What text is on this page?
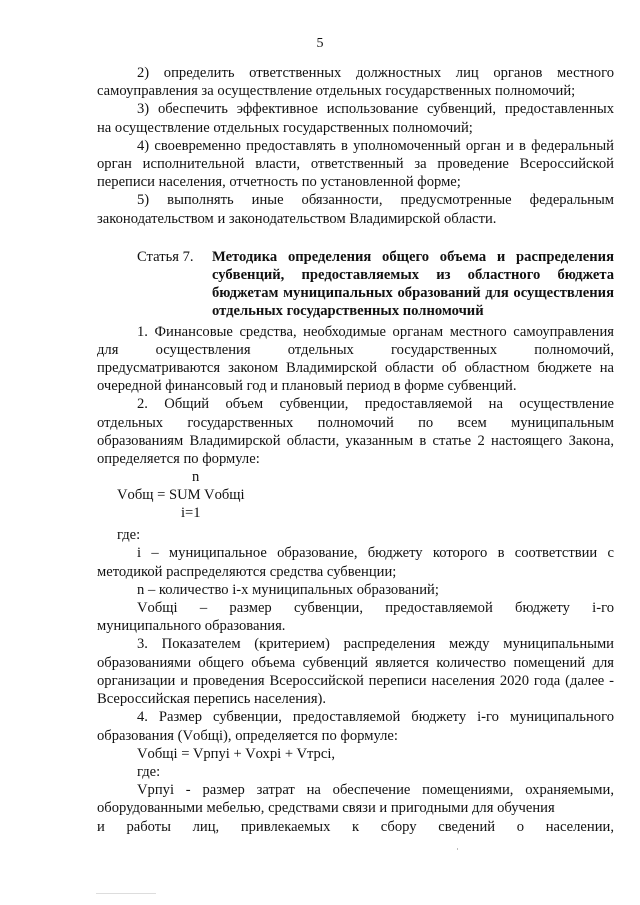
5

2) определить ответственных должностных лиц органов местного

самоуправления за осуществление отдельных государственных полномочий;

3) обеспечить эффективное использование субвенций, предоставленных

на осуществление отдельных государственных полномочий;

4) своевременно предоставлять в уполномоченный орган и в федеральный

орган исполнительной власти, ответственный за проведение Всероссийской

переписи населения, отчетность по установленной форме;

5) выполнять иные обязанности, предусмотренные федеральным

законодательством и законодательством Владимирской области.

Статья 7.	Методика определения общего объема и распределения субвенций, предоставляемых из областного бюджета бюджетам муниципальных образований для осуществления отдельных государственных полномочий

1. Финансовые средства, необходимые органам местного самоуправления

для осуществления отдельных государственных полномочий,

предусматриваются законом Владимирской области об областном бюджете на очередной финансовый год и плановый период в форме субвенций.

2. Общий объем субвенции, предоставляемой на осуществление

отдельных государственных полномочий по всем муниципальным

образованиям Владимирской области, указанным в статье 2 настоящего Закона, определяется по формуле:

n
Vобщ = SUM Vобщi
i=1

где:

i – муниципальное образование, бюджету которого в соответствии с методикой распределяются средства субвенции;

n – количество i-х муниципальных образований;

Vобщi – размер субвенции, предоставляемой бюджету i-го

муниципального образования.

3. Показателем (критерием) распределения между муниципальными образованиями общего объема субвенций является количество помещений для организации и проведения Всероссийской переписи населения 2020 года (далее - Всероссийская перепись населения).

4. Размер субвенции, предоставляемой бюджету i-го муниципального образования (Vобщi), определяется по формуле:

Vобщi = Vрпуi + Vохрi + Vтрсi,

где:

Vрпуi - размер затрат на обеспечение помещениями, охраняемыми, оборудованными мебелью, средствами связи и пригодными для обучения

и работы лиц, привлекаемых к сбору сведений о населении,
